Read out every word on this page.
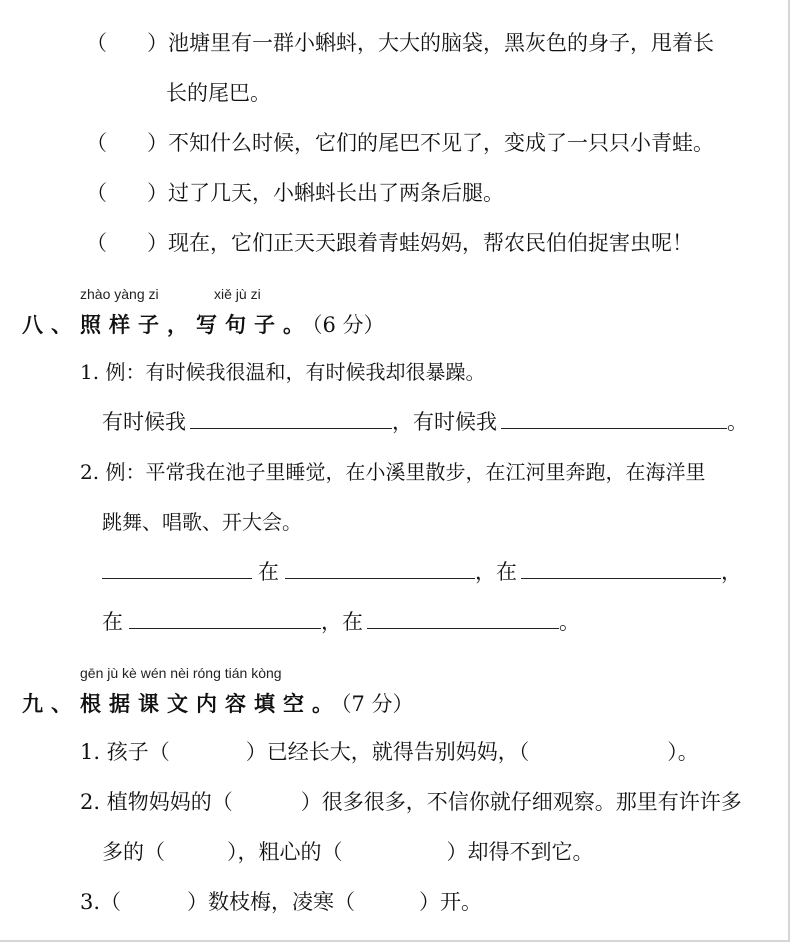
（ ）池塘里有一群小蝌蚪，大大的脑袋，黑灰色的身子，甩着长
长的尾巴。
（ ）不知什么时候，它们的尾巴不见了，变成了一只只小青蛙。
（ ）过了几天，小蝌蚪长出了两条后腿。
（ ）现在，它们正天天跟着青蛙妈妈，帮农民伯伯捉害虫呢！
zhào yàng zi	xiě jù zi
八、照样子，写句子。（6 分）
1. 例：有时候我很温和，有时候我却很暴躁。
有时候我	，有时候我	。
2. 例：平常我在池子里睡觉，在小溪里散步，在江河里奔跑，在海洋里
跳舞、唱歌、开大会。
在	，在	，
在	，在	。
gēn jù kè wén nèi róng tián kòng
九、根据课文内容填空。（7 分）
1. 孩子（	）已经长大，就得告别妈妈，（	）。
2. 植物妈妈的（	）很多很多，不信你就仔细观察。那里有许许多
多的（	），粗心的（	）却得不到它。
3.（	）数枝梅，凌寒（	）开。
